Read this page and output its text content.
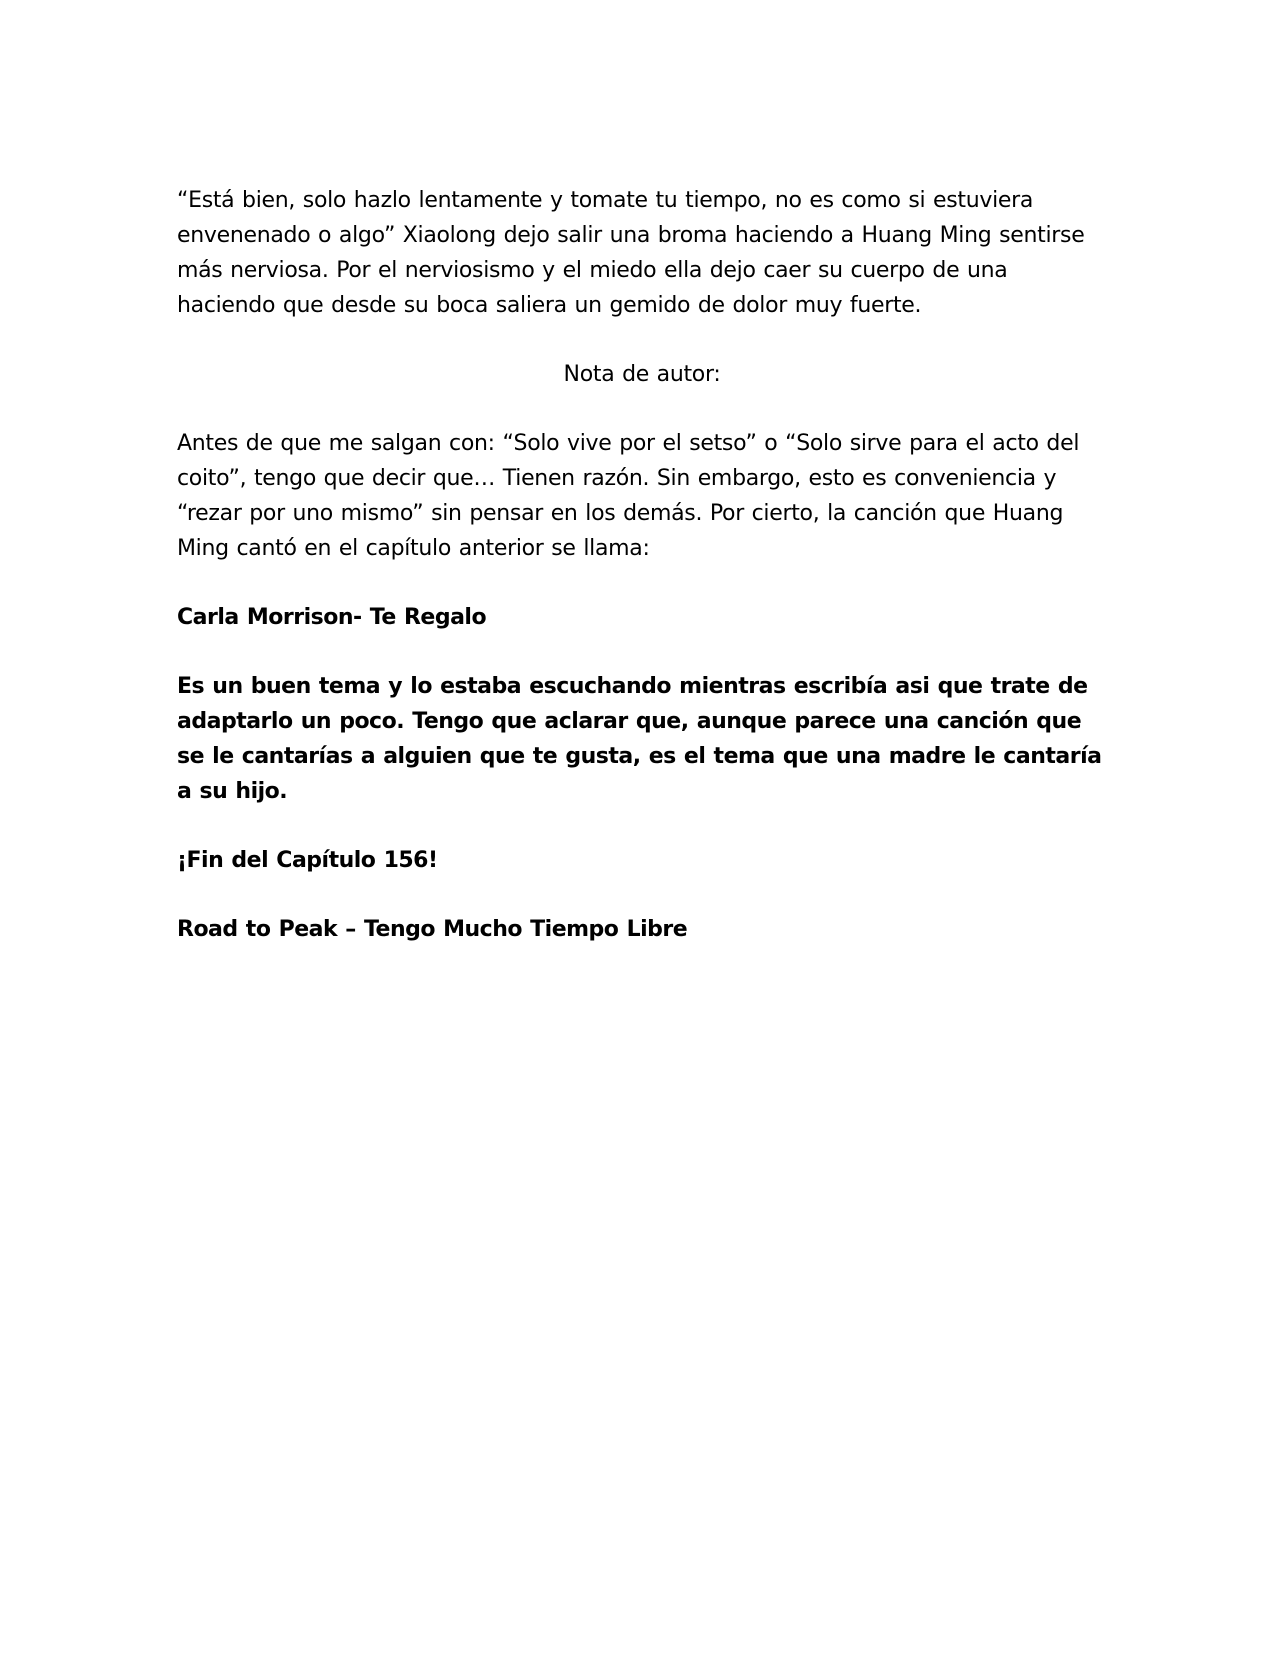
“Está bien, solo hazlo lentamente y tomate tu tiempo, no es como si estuviera envenenado o algo” Xiaolong dejo salir una broma haciendo a Huang Ming sentirse más nerviosa. Por el nerviosismo y el miedo ella dejo caer su cuerpo de una haciendo que desde su boca saliera un gemido de dolor muy fuerte.

Nota de autor:

Antes de que me salgan con: “Solo vive por el setso” o “Solo sirve para el acto del coito”, tengo que decir que… Tienen razón. Sin embargo, esto es conveniencia y “rezar por uno mismo” sin pensar en los demás. Por cierto, la canción que Huang Ming cantó en el capítulo anterior se llama:

Carla Morrison- Te Regalo

Es un buen tema y lo estaba escuchando mientras escribía asi que trate de adaptarlo un poco. Tengo que aclarar que, aunque parece una canción que se le cantarías a alguien que te gusta, es el tema que una madre le cantaría a su hijo.

¡Fin del Capítulo 156!

Road to Peak – Tengo Mucho Tiempo Libre
